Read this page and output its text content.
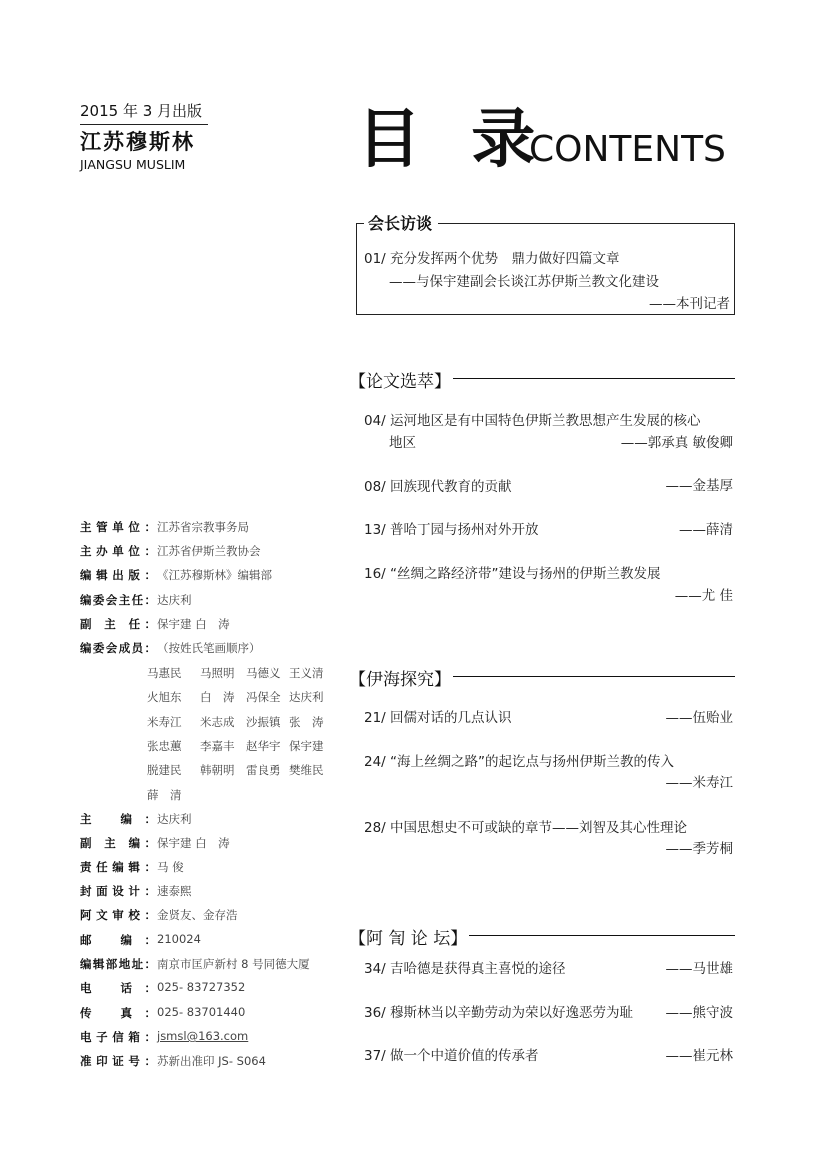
2015 年 3 月出版
江苏穆斯林
JIANGSU MUSLIM	目 录
CONTENTS
主管单位： 江苏省宗教事务局
主办单位： 江苏省伊斯兰教协会
编辑出版： 《江苏穆斯林》编辑部
编委会主任： 达庆利
副 主 任： 保宇建 白　涛
编委会成员： （按姓氏笔画顺序）
马惠民 马照明 马德义 王义清
火旭东 白　涛 冯保全 达庆利
米寿江 米志成 沙振镇 张　涛
张忠蕙 李嘉丰 赵华宇 保宇建
脱建民 韩朝明 雷良勇 樊维民
薛　清
主 编： 达庆利
副 主 编： 保宇建 白　涛
责任编辑： 马 俊
封面设计： 速泰熙
阿文审校： 金贤友、金存浩
邮 编： 210024
编辑部地址： 南京市匡庐新村 8 号同德大厦
电 话： 025- 83727352
传 真： 025- 83701440
电子信箱： jsmsl@163.com
准印证号： 苏新出准印 JS- S064
会长访谈
01/ 充分发挥两个优势　鼎力做好四篇文章
——与保宇建副会长谈江苏伊斯兰教文化建设
——本刊记者
【论文选萃】
04/ 运河地区是有中国特色伊斯兰教思想产生发展的核心
地区	——郭承真 敏俊卿
08/ 回族现代教育的贡献	——金基厚
13/ 普哈丁园与扬州对外开放	——薛清
16/ “丝绸之路经济带”建设与扬州的伊斯兰教发展
——尤 佳
【伊海探究】
21/ 回儒对话的几点认识	——伍贻业
24/ “海上丝绸之路”的起讫点与扬州伊斯兰教的传入
——米寿江
28/ 中国思想史不可或缺的章节——刘智及其心性理论
——季芳桐
【阿 訇 论 坛】
34/ 吉哈德是获得真主喜悦的途径	——马世雄
36/ 穆斯林当以辛勤劳动为荣以好逸恶劳为耻 ——熊守波
37/ 做一个中道价值的传承者	——崔元林
